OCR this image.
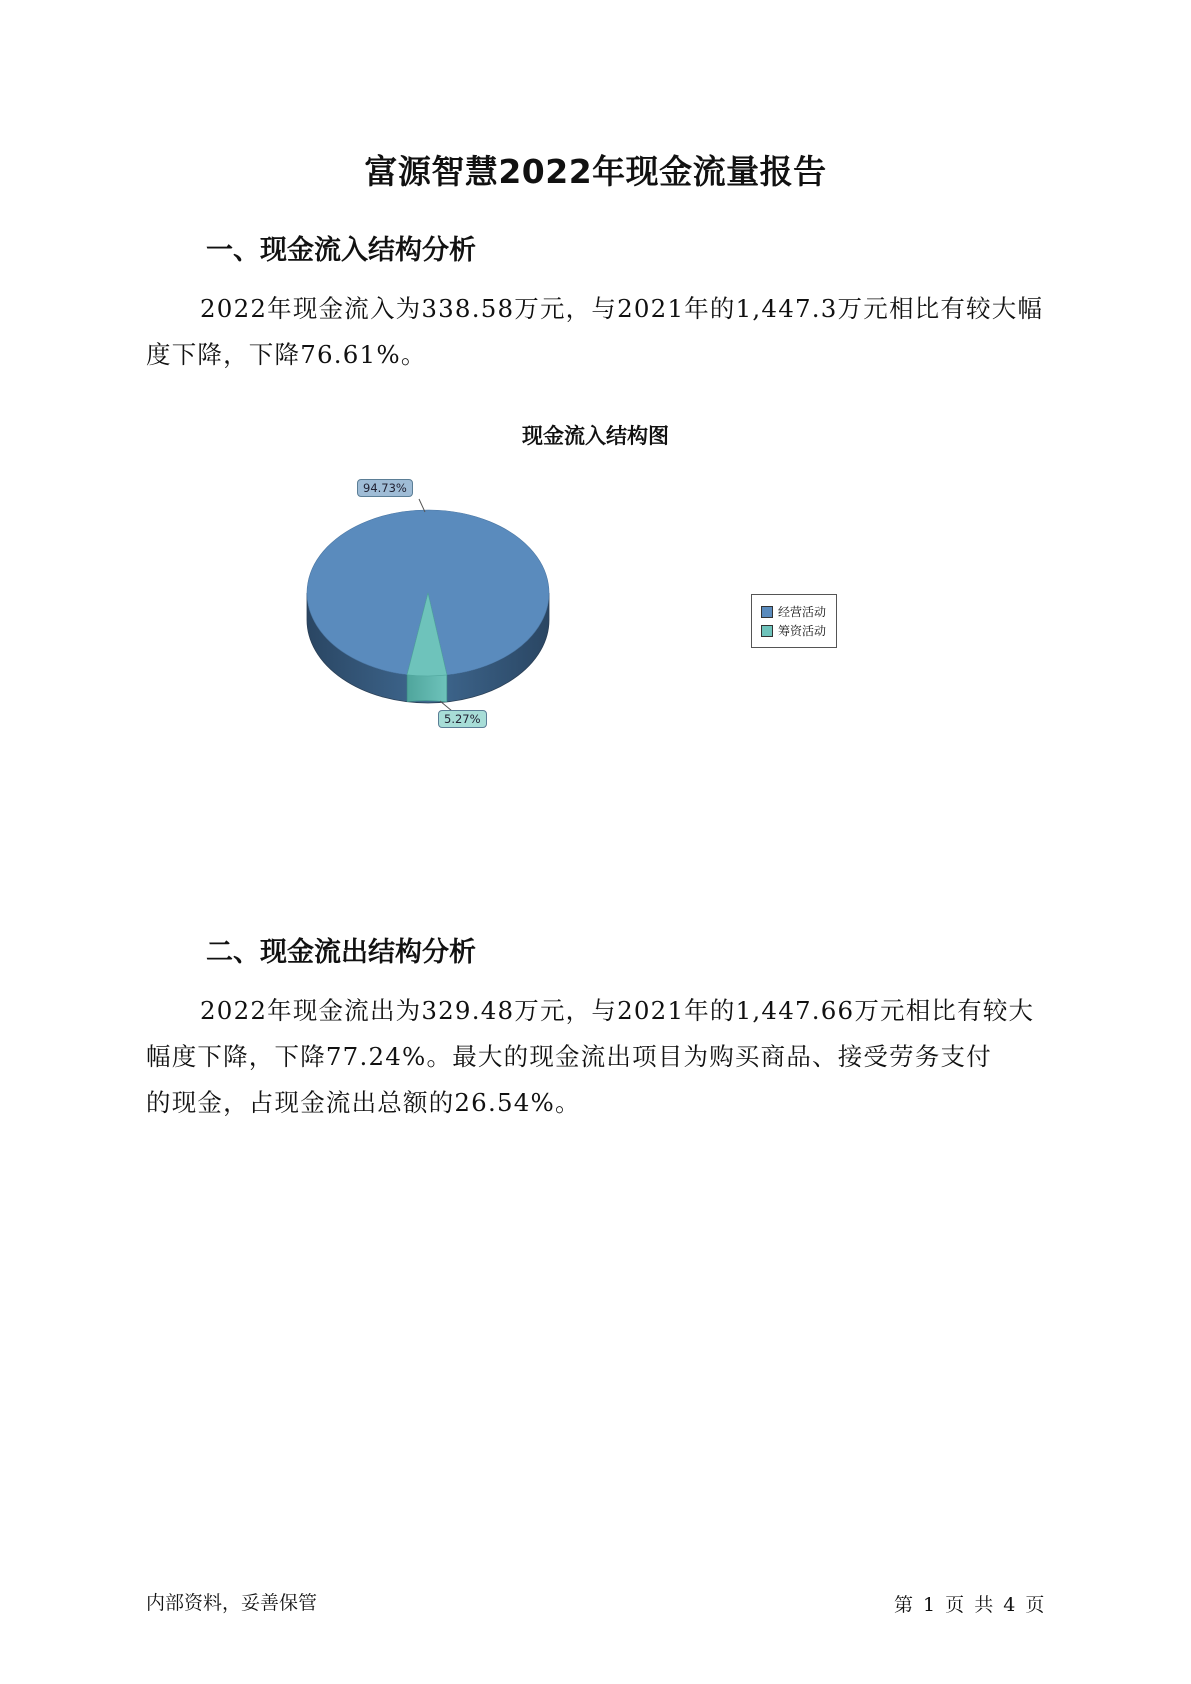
富源智慧2022年现金流量报告
一、现金流入结构分析

2022年现金流入为338.58万元，与2021年的1,447.3万元相比有较大幅
度下降，下降76.61%。

现金流入结构图
94.73%
5.27%
经营活动
筹资活动
二、现金流出结构分析

2022年现金流出为329.48万元，与2021年的1,447.66万元相比有较大
幅度下降，下降77.24%。最大的现金流出项目为购买商品、接受劳务支付
的现金，占现金流出总额的26.54%。

内部资料，妥善保管	第 1 页 共 4 页
